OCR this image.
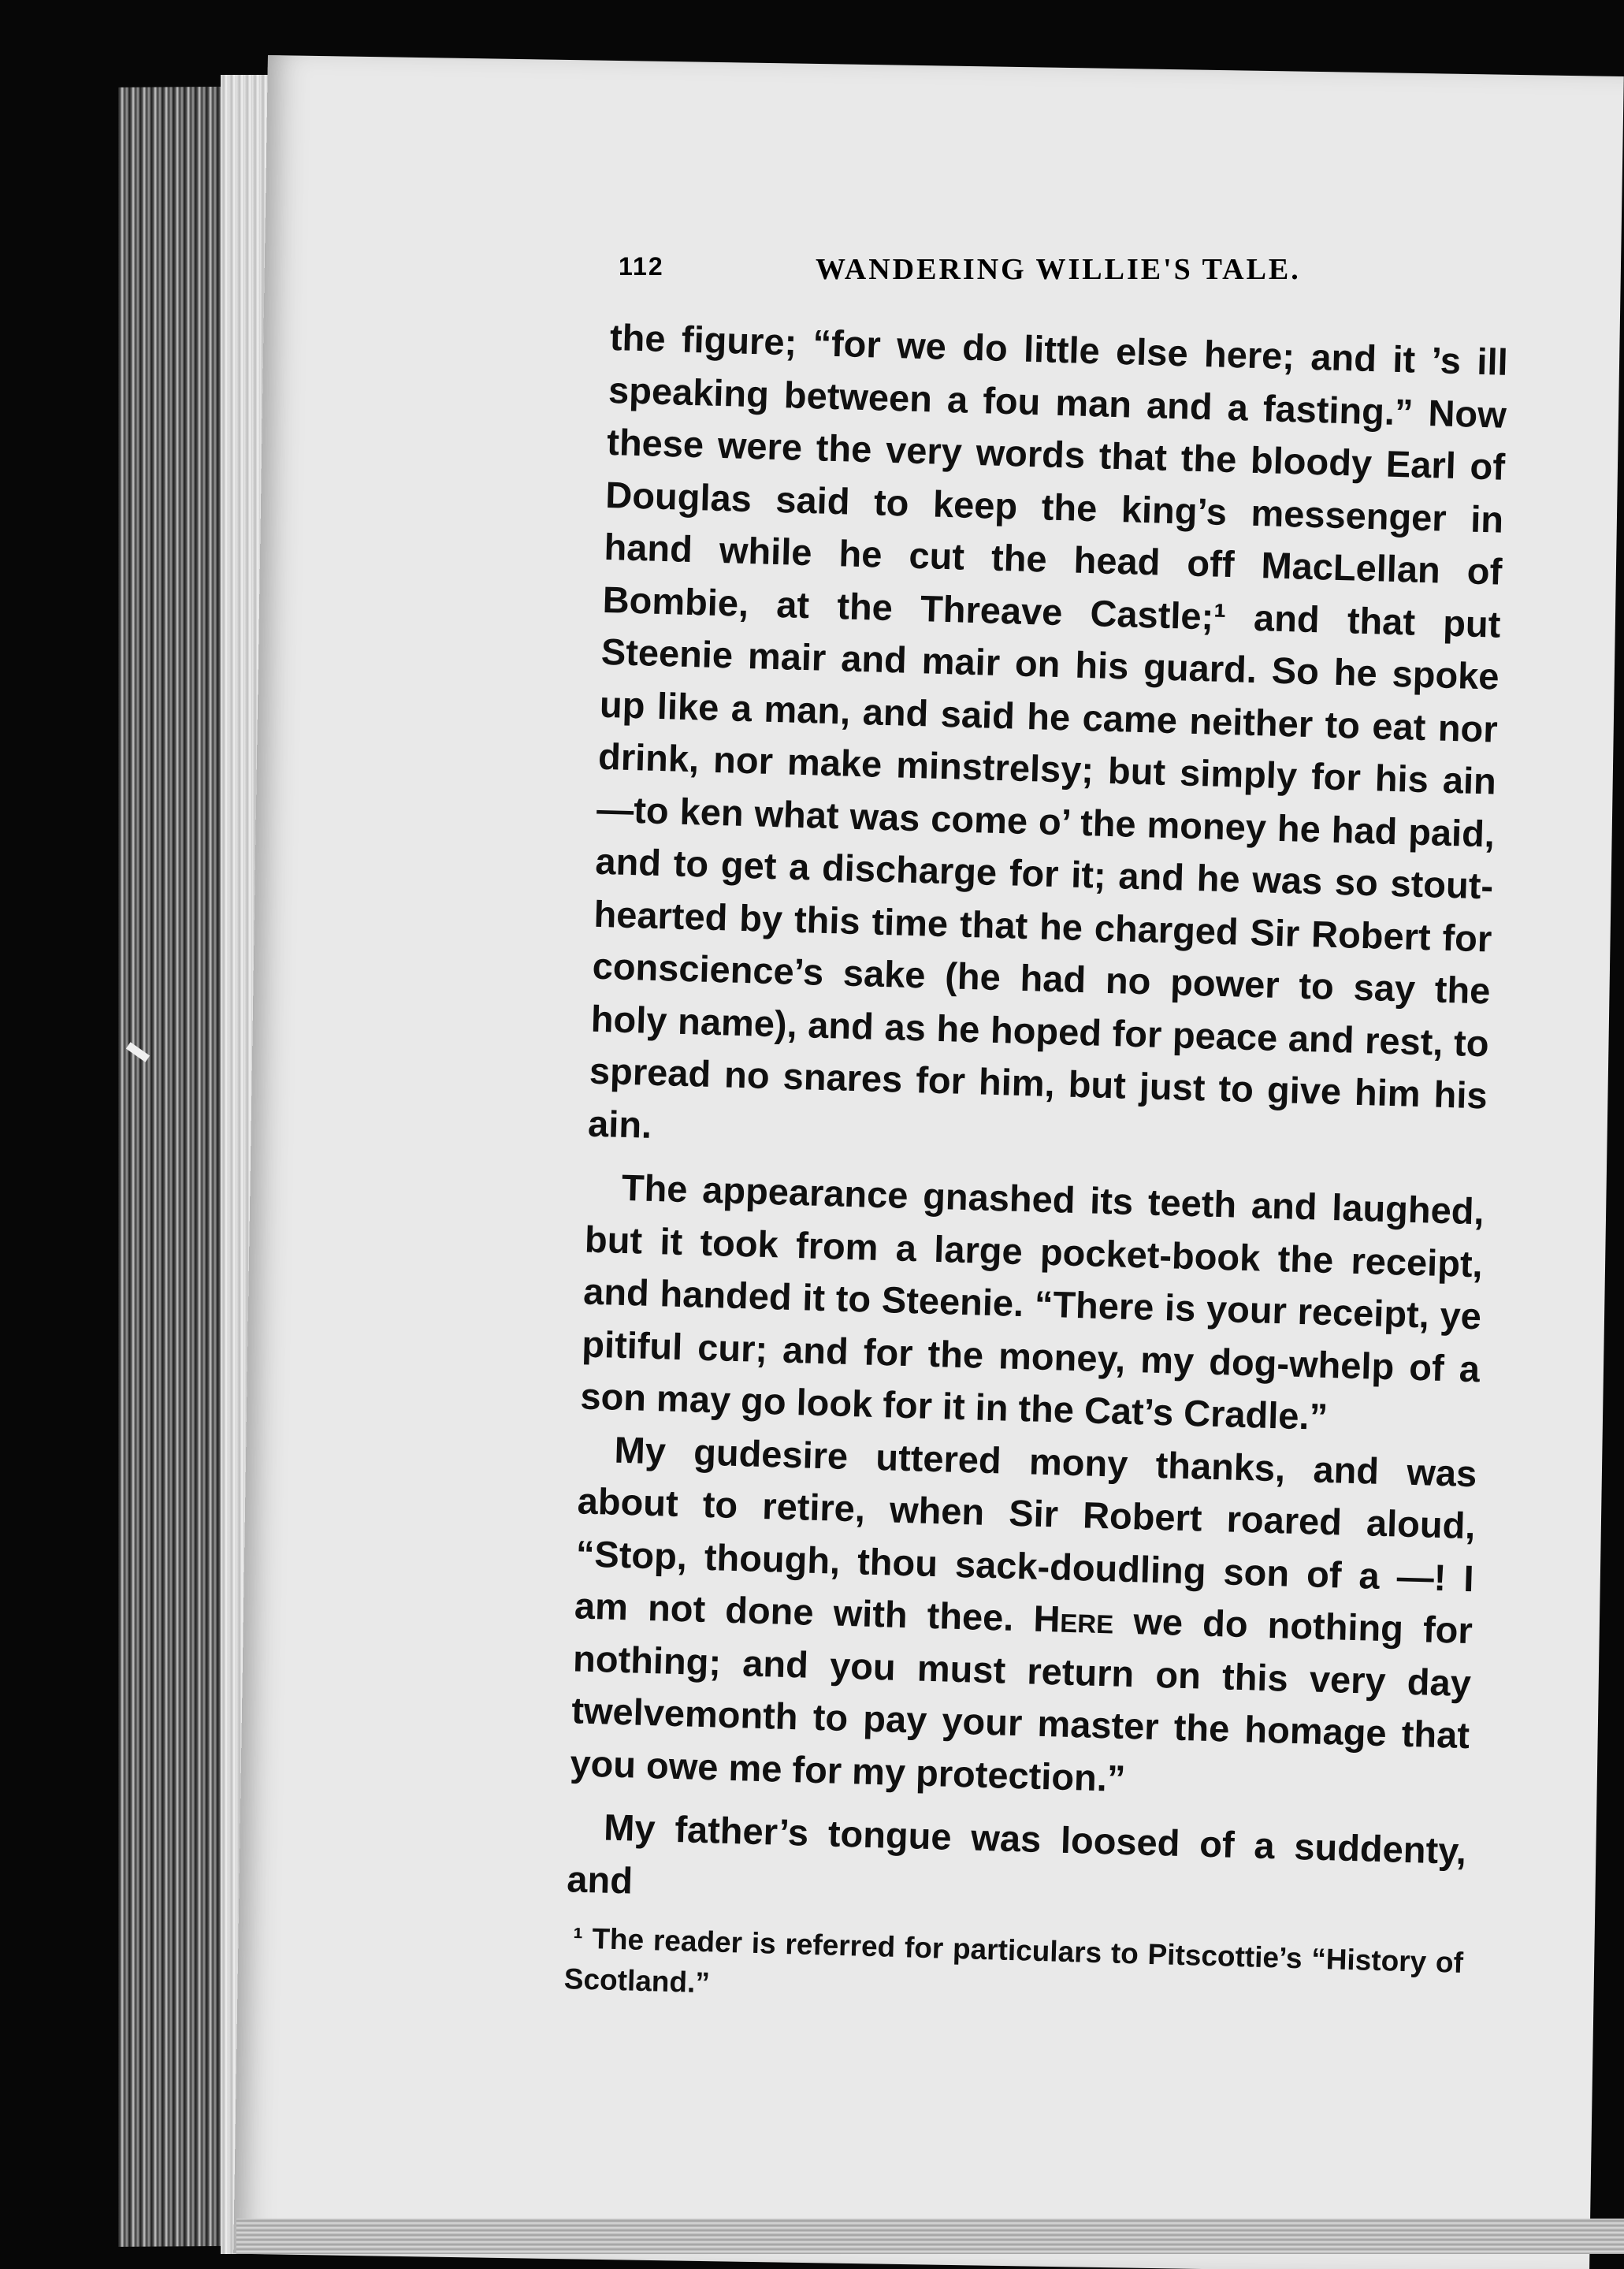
112	WANDERING WILLIE'S TALE.

the figure; “for we do little else here; and it ’s ill speaking between a fou man and a fasting.” Now these were the very words that the bloody Earl of Douglas said to keep the king’s messenger in hand while he cut the head off MacLellan of Bombie, at the Threave Castle;¹ and that put Steenie mair and mair on his guard. So he spoke up like a man, and said he came neither to eat nor drink, nor make minstrelsy; but simply for his ain—to ken what was come o’ the money he had paid, and to get a discharge for it; and he was so stout-hearted by this time that he charged Sir Robert for conscience’s sake (he had no power to say the holy name), and as he hoped for peace and rest, to spread no snares for him, but just to give him his ain.

The appearance gnashed its teeth and laughed, but it took from a large pocket-book the receipt, and handed it to Steenie. “There is your receipt, ye pitiful cur; and for the money, my dog-whelp of a son may go look for it in the Cat’s Cradle.”

My gudesire uttered mony thanks, and was about to retire, when Sir Robert roared aloud, “Stop, though, thou sack-doudling son of a —! I am not done with thee. Here we do nothing for nothing; and you must return on this very day twelvemonth to pay your master the homage that you owe me for my protection.”

My father’s tongue was loosed of a suddenty, and

¹ The reader is referred for particulars to Pitscottie’s “History of Scotland.”
